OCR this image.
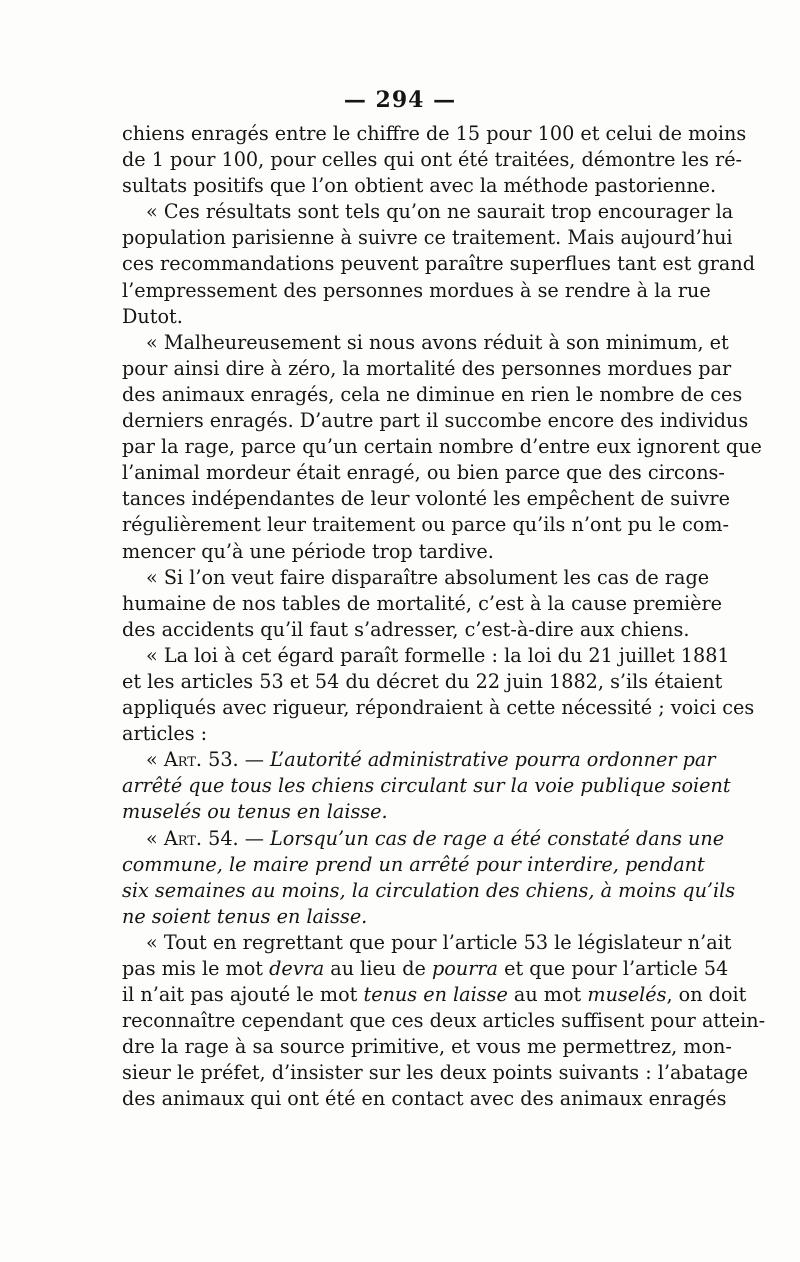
— 294 —
chiens enragés entre le chiffre de 15 pour 100 et celui de moins
de 1 pour 100, pour celles qui ont été traitées, démontre les ré-
sultats positifs que l’on obtient avec la méthode pastorienne.
« Ces résultats sont tels qu’on ne saurait trop encourager la
population parisienne à suivre ce traitement. Mais aujourd’hui
ces recommandations peuvent paraître superflues tant est grand
l’empressement des personnes mordues à se rendre à la rue
Dutot.
« Malheureusement si nous avons réduit à son minimum, et
pour ainsi dire à zéro, la mortalité des personnes mordues par
des animaux enragés, cela ne diminue en rien le nombre de ces
derniers enragés. D’autre part il succombe encore des individus
par la rage, parce qu’un certain nombre d’entre eux ignorent que
l’animal mordeur était enragé, ou bien parce que des circons-
tances indépendantes de leur volonté les empêchent de suivre
régulièrement leur traitement ou parce qu’ils n’ont pu le com-
mencer qu’à une période trop tardive.
« Si l’on veut faire disparaître absolument les cas de rage
humaine de nos tables de mortalité, c’est à la cause première
des accidents qu’il faut s’adresser, c’est-à-dire aux chiens.
« La loi à cet égard paraît formelle : la loi du 21 juillet 1881
et les articles 53 et 54 du décret du 22 juin 1882, s’ils étaient
appliqués avec rigueur, répondraient à cette nécessité ; voici ces
articles :
« Art. 53. — L’autorité administrative pourra ordonner par
arrêté que tous les chiens circulant sur la voie publique soient
muselés ou tenus en laisse.
« Art. 54. — Lorsqu’un cas de rage a été constaté dans une
commune, le maire prend un arrêté pour interdire, pendant
six semaines au moins, la circulation des chiens, à moins qu’ils
ne soient tenus en laisse.
« Tout en regrettant que pour l’article 53 le législateur n’ait
pas mis le mot devra au lieu de pourra et que pour l’article 54
il n’ait pas ajouté le mot tenus en laisse au mot muselés, on doit
reconnaître cependant que ces deux articles suffisent pour attein-
dre la rage à sa source primitive, et vous me permettrez, mon-
sieur le préfet, d’insister sur les deux points suivants : l’abatage
des animaux qui ont été en contact avec des animaux enragés
